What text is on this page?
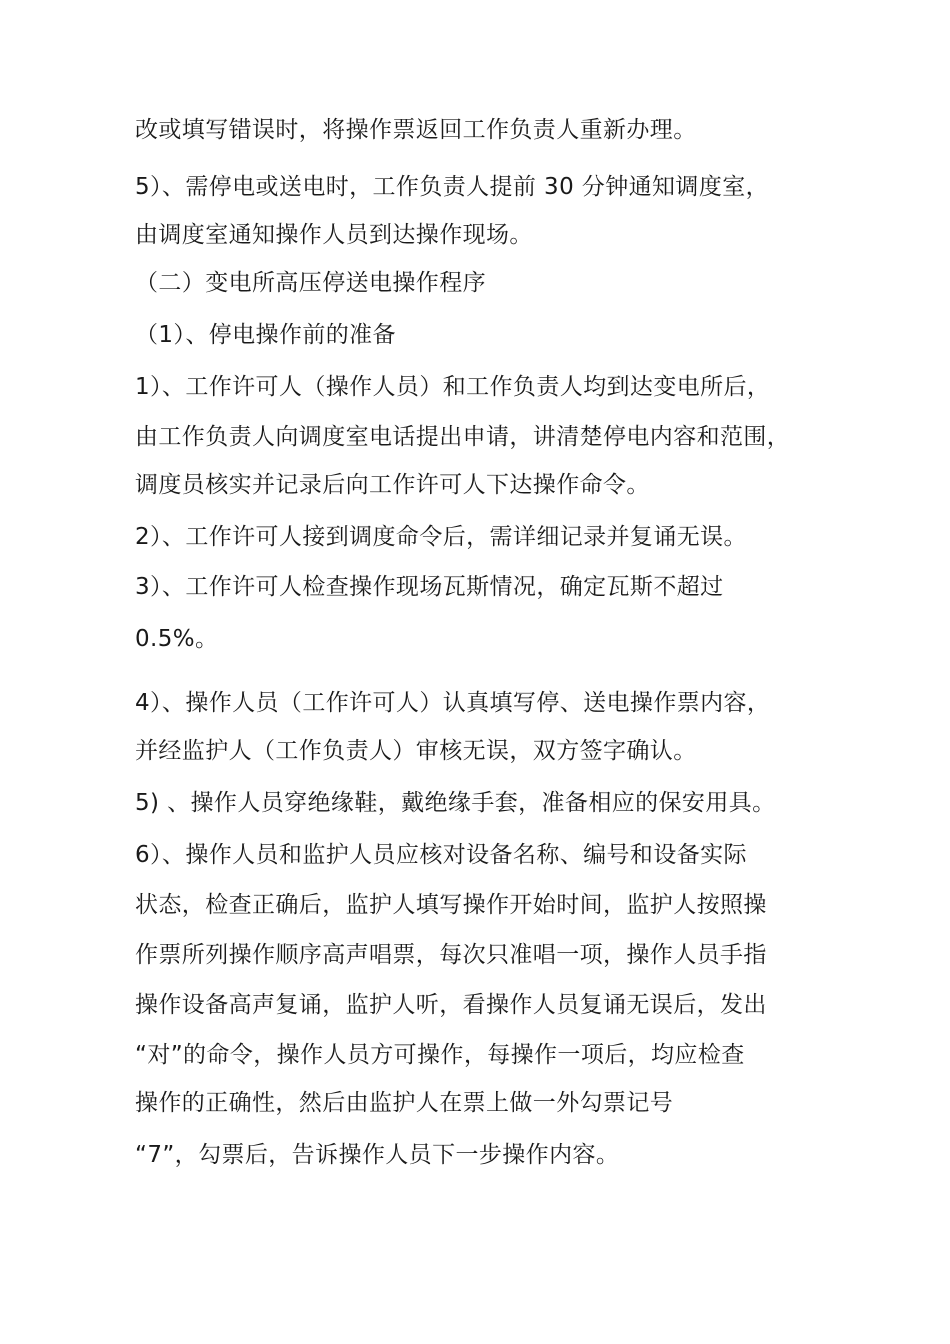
改或填写错误时，将操作票返回工作负责人重新办理。
5）、需停电或送电时，工作负责人提前 30 分钟通知调度室，
由调度室通知操作人员到达操作现场。
（二）变电所高压停送电操作程序
（1）、停电操作前的准备
1）、工作许可人（操作人员）和工作负责人均到达变电所后，
由工作负责人向调度室电话提出申请，讲清楚停电内容和范围，
调度员核实并记录后向工作许可人下达操作命令。
2）、工作许可人接到调度命令后，需详细记录并复诵无误。
3）、工作许可人检查操作现场瓦斯情况，确定瓦斯不超过
0.5%。
4）、操作人员（工作许可人）认真填写停、送电操作票内容，
并经监护人（工作负责人）审核无误，双方签字确认。
5) 、操作人员穿绝缘鞋，戴绝缘手套，准备相应的保安用具。
6）、操作人员和监护人员应核对设备名称、编号和设备实际
状态，检查正确后，监护人填写操作开始时间，监护人按照操
作票所列操作顺序高声唱票，每次只准唱一项，操作人员手指
操作设备高声复诵，监护人听，看操作人员复诵无误后，发出
“对”的命令，操作人员方可操作，每操作一项后，均应检查
操作的正确性，然后由监护人在票上做一外勾票记号
“7”，勾票后，告诉操作人员下一步操作内容。
